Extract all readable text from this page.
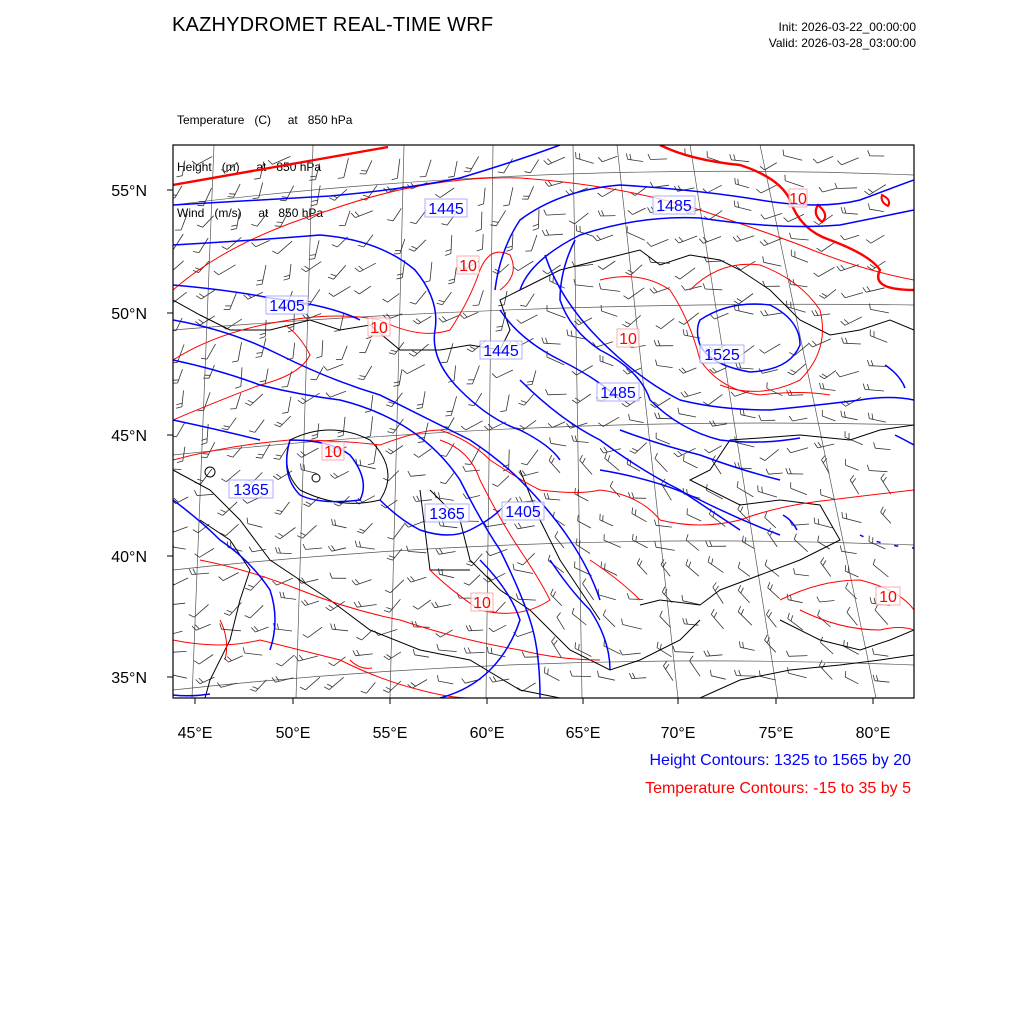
KAZHYDROMET REAL-TIME WRF	Init: 2026-03-22_00:00:00
Valid: 2026-03-28_03:00:00

Temperature   (C)     at   850 hPa

Height   (m)     at   850 hPa

Wind   (m/s)     at   850 hPa	1445	1485
1405
1445	1525
1485
1365
1365	1405
10
10
10
10
10
10	10
55°N
50°N
45°N
40°N
35°N
45°E	50°E	55°E	60°E	65°E	70°E	75°E	80°E
Height Contours: 1325 to 1565 by 20
Temperature Contours: -15 to 35 by 5
